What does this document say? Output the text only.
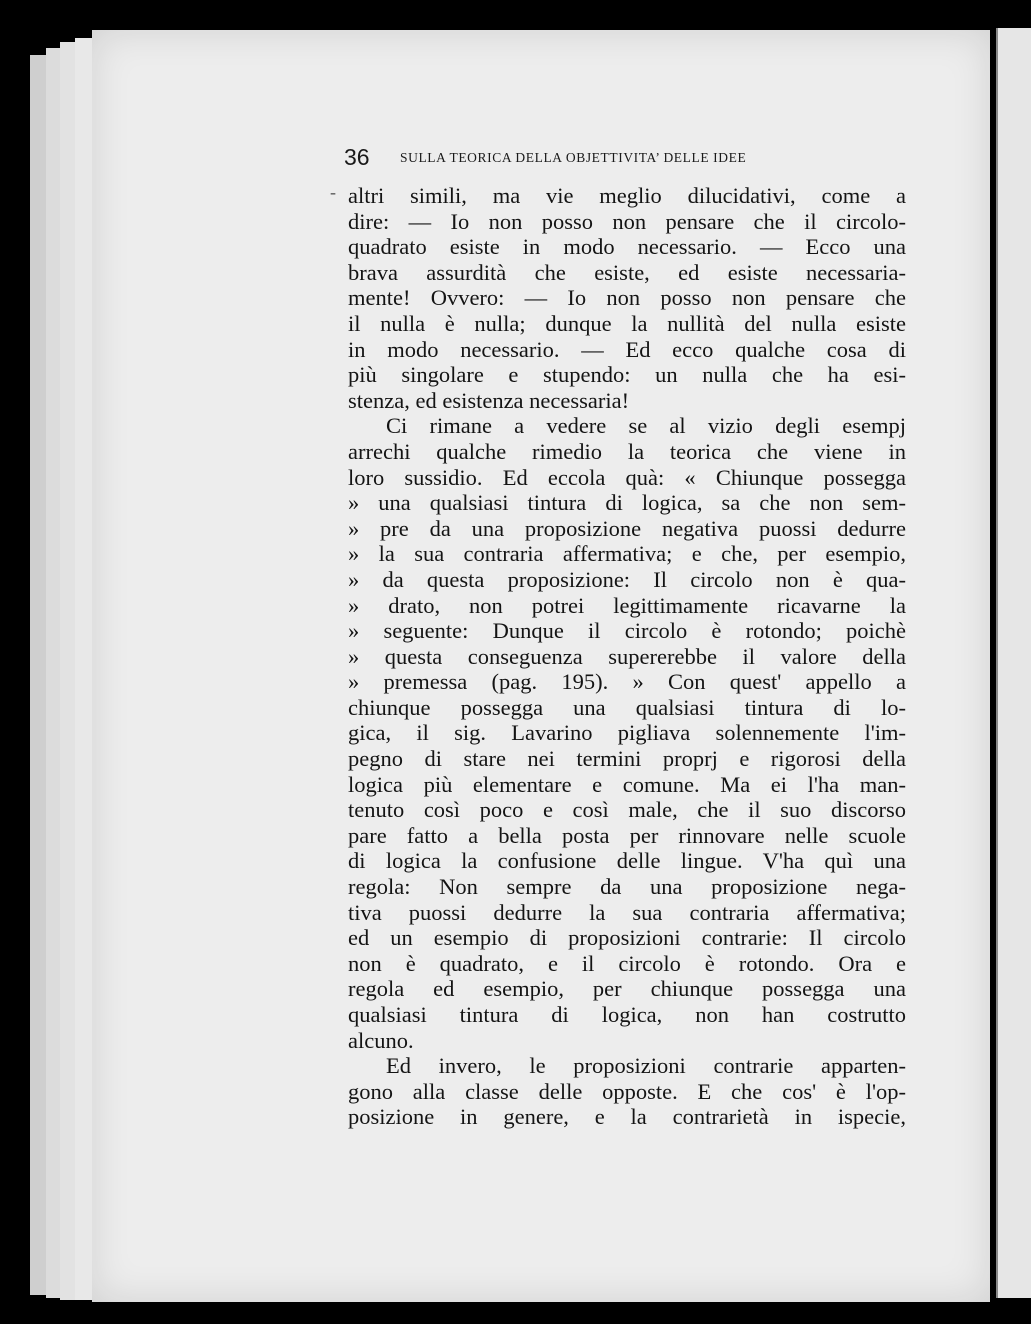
36 SULLA TEORICA DELLA OBJETTIVITA’ DELLE IDEE
- altri simili, ma vie meglio dilucidativi, come a
dire: — Io non posso non pensare che il circolo-
quadrato esiste in modo necessario. — Ecco una
brava assurdità che esiste, ed esiste necessaria-
mente! Ovvero: — Io non posso non pensare che
il nulla è nulla; dunque la nullità del nulla esiste
in modo necessario. — Ed ecco qualche cosa di
più singolare e stupendo: un nulla che ha esi-
stenza, ed esistenza necessaria!
Ci rimane a vedere se al vizio degli esempj
arrechi qualche rimedio la teorica che viene in
loro sussidio. Ed eccola quà: « Chiunque possegga
» una qualsiasi tintura di logica, sa che non sem-
» pre da una proposizione negativa puossi dedurre
» la sua contraria affermativa; e che, per esempio,
» da questa proposizione: Il circolo non è qua-
» drato, non potrei legittimamente ricavarne la
» seguente: Dunque il circolo è rotondo; poichè
» questa conseguenza supererebbe il valore della
» premessa (pag. 195). » Con quest' appello a
chiunque possegga una qualsiasi tintura di lo-
gica, il sig. Lavarino pigliava solennemente l'im-
pegno di stare nei termini proprj e rigorosi della
logica più elementare e comune. Ma ei l'ha man-
tenuto così poco e così male, che il suo discorso
pare fatto a bella posta per rinnovare nelle scuole
di logica la confusione delle lingue. V'ha quì una
regola: Non sempre da una proposizione nega-
tiva puossi dedurre la sua contraria affermativa;
ed un esempio di proposizioni contrarie: Il circolo
non è quadrato, e il circolo è rotondo. Ora e
regola ed esempio, per chiunque possegga una
qualsiasi tintura di logica, non han costrutto
alcuno.
Ed invero, le proposizioni contrarie apparten-
gono alla classe delle opposte. E che cos' è l'op-
posizione in genere, e la contrarietà in ispecie,
